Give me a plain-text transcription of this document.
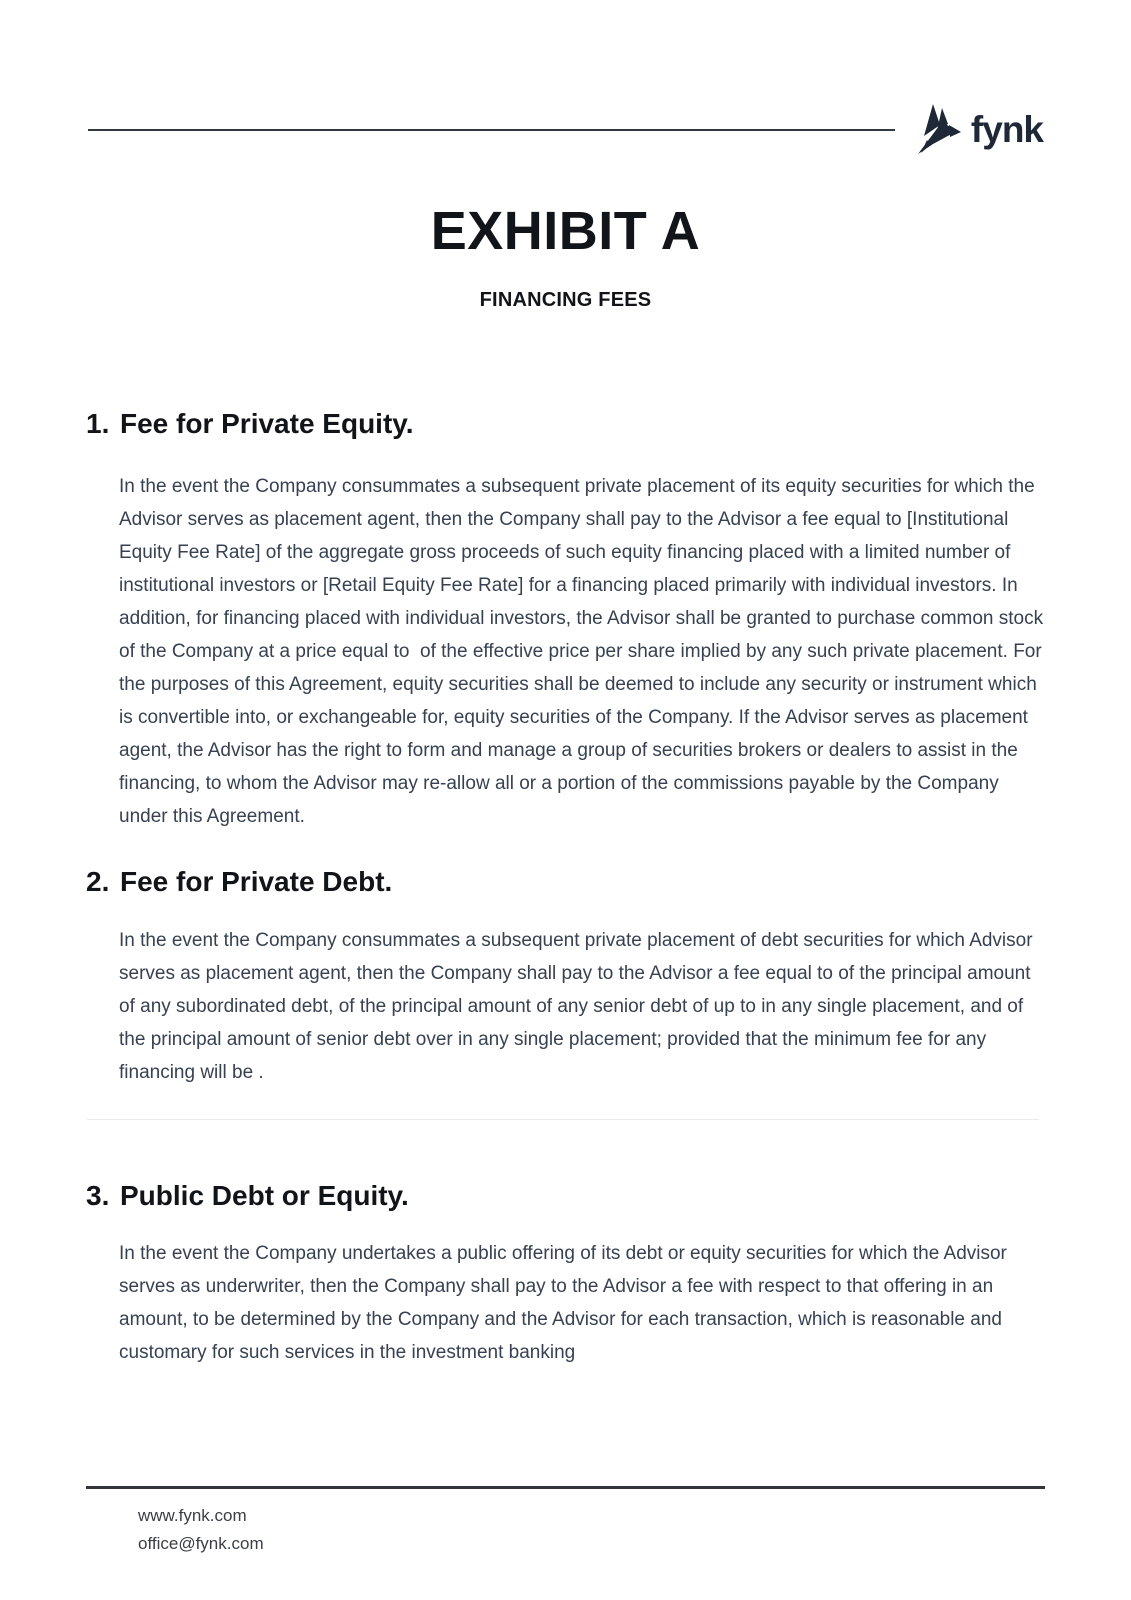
fynk
EXHIBIT A
FINANCING FEES
1. Fee for Private Equity.
In the event the Company consummates a subsequent private placement of its equity securities for which the Advisor serves as placement agent, then the Company shall pay to the Advisor a fee equal to [Institutional Equity Fee Rate] of the aggregate gross proceeds of such equity financing placed with a limited number of institutional investors or [Retail Equity Fee Rate] for a financing placed primarily with individual investors. In addition, for financing placed with individual investors, the Advisor shall be granted to purchase common stock of the Company at a price equal to  of the effective price per share implied by any such private placement. For the purposes of this Agreement, equity securities shall be deemed to include any security or instrument which is convertible into, or exchangeable for, equity securities of the Company. If the Advisor serves as placement agent, the Advisor has the right to form and manage a group of securities brokers or dealers to assist in the financing, to whom the Advisor may re-allow all or a portion of the commissions payable by the Company under this Agreement.
2. Fee for Private Debt.
In the event the Company consummates a subsequent private placement of debt securities for which Advisor serves as placement agent, then the Company shall pay to the Advisor a fee equal to of the principal amount of any subordinated debt, of the principal amount of any senior debt of up to in any single placement, and of the principal amount of senior debt over in any single placement; provided that the minimum fee for any financing will be .
3. Public Debt or Equity.
In the event the Company undertakes a public offering of its debt or equity securities for which the Advisor serves as underwriter, then the Company shall pay to the Advisor a fee with respect to that offering in an amount, to be determined by the Company and the Advisor for each transaction, which is reasonable and customary for such services in the investment banking
www.fynk.com
office@fynk.com
